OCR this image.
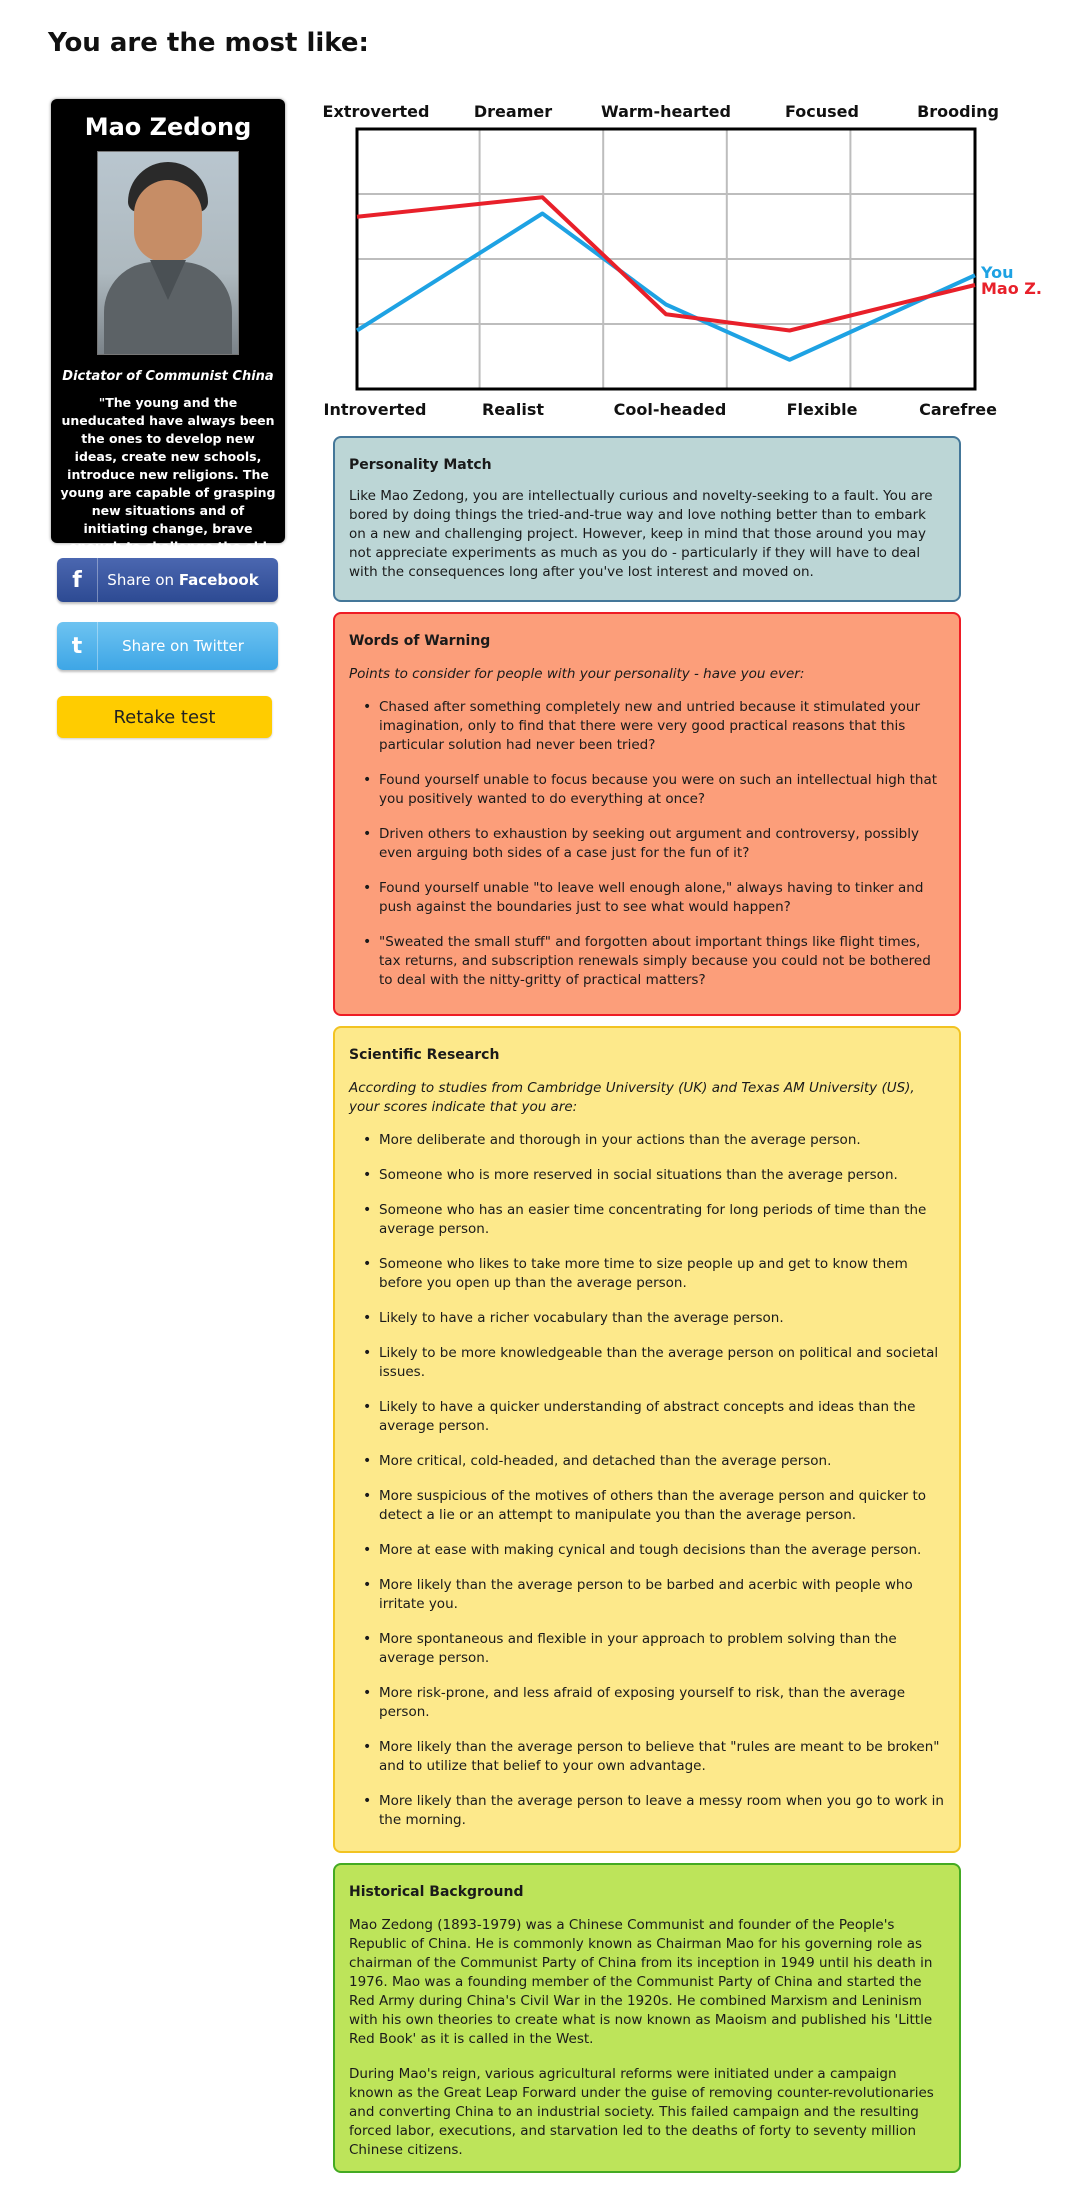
You are the most like:
Mao Zedong
Dictator of Communist China
"The young and the uneducated have always been the ones to develop new ideas, create new schools, introduce new religions. The young are capable of grasping new situations and of initiating change, brave enough to challenge the old
f	Share on Facebook
t	Share on Twitter
Retake test
Extroverted	Dreamer	Warm-hearted	Focused	Brooding
Introverted	Realist	Cool-headed	Flexible	Carefree
You
Mao Z.
Personality Match

Like Mao Zedong, you are intellectually curious and novelty-seeking to a fault. You are bored by doing things the tried-and-true way and love nothing better than to embark on a new and challenging project. However, keep in mind that those around you may not appreciate experiments as much as you do - particularly if they will have to deal with the consequences long after you've lost interest and moved on.

Words of Warning

Points to consider for people with your personality - have you ever:

• Chased after something completely new and untried because it stimulated your imagination, only to find that there were very good practical reasons that this particular solution had never been tried?
• Found yourself unable to focus because you were on such an intellectual high that you positively wanted to do everything at once?
• Driven others to exhaustion by seeking out argument and controversy, possibly even arguing both sides of a case just for the fun of it?
• Found yourself unable "to leave well enough alone," always having to tinker and push against the boundaries just to see what would happen?
• "Sweated the small stuff" and forgotten about important things like flight times, tax returns, and subscription renewals simply because you could not be bothered to deal with the nitty-gritty of practical matters?
Scientific Research

According to studies from Cambridge University (UK) and Texas AM University (US), your scores indicate that you are:

• More deliberate and thorough in your actions than the average person.
• Someone who is more reserved in social situations than the average person.
• Someone who has an easier time concentrating for long periods of time than the average person.
• Someone who likes to take more time to size people up and get to know them before you open up than the average person.
• Likely to have a richer vocabulary than the average person.
• Likely to be more knowledgeable than the average person on political and societal issues.
• Likely to have a quicker understanding of abstract concepts and ideas than the average person.
• More critical, cold-headed, and detached than the average person.
• More suspicious of the motives of others than the average person and quicker to detect a lie or an attempt to manipulate you than the average person.
• More at ease with making cynical and tough decisions than the average person.
• More likely than the average person to be barbed and acerbic with people who irritate you.
• More spontaneous and flexible in your approach to problem solving than the average person.
• More risk-prone, and less afraid of exposing yourself to risk, than the average person.
• More likely than the average person to believe that "rules are meant to be broken" and to utilize that belief to your own advantage.
• More likely than the average person to leave a messy room when you go to work in the morning.
Historical Background

Mao Zedong (1893-1979) was a Chinese Communist and founder of the People's Republic of China. He is commonly known as Chairman Mao for his governing role as chairman of the Communist Party of China from its inception in 1949 until his death in 1976. Mao was a founding member of the Communist Party of China and started the Red Army during China's Civil War in the 1920s. He combined Marxism and Leninism with his own theories to create what is now known as Maoism and published his 'Little Red Book' as it is called in the West.

During Mao's reign, various agricultural reforms were initiated under a campaign known as the Great Leap Forward under the guise of removing counter-revolutionaries and converting China to an industrial society. This failed campaign and the resulting forced labor, executions, and starvation led to the deaths of forty to seventy million Chinese citizens.
